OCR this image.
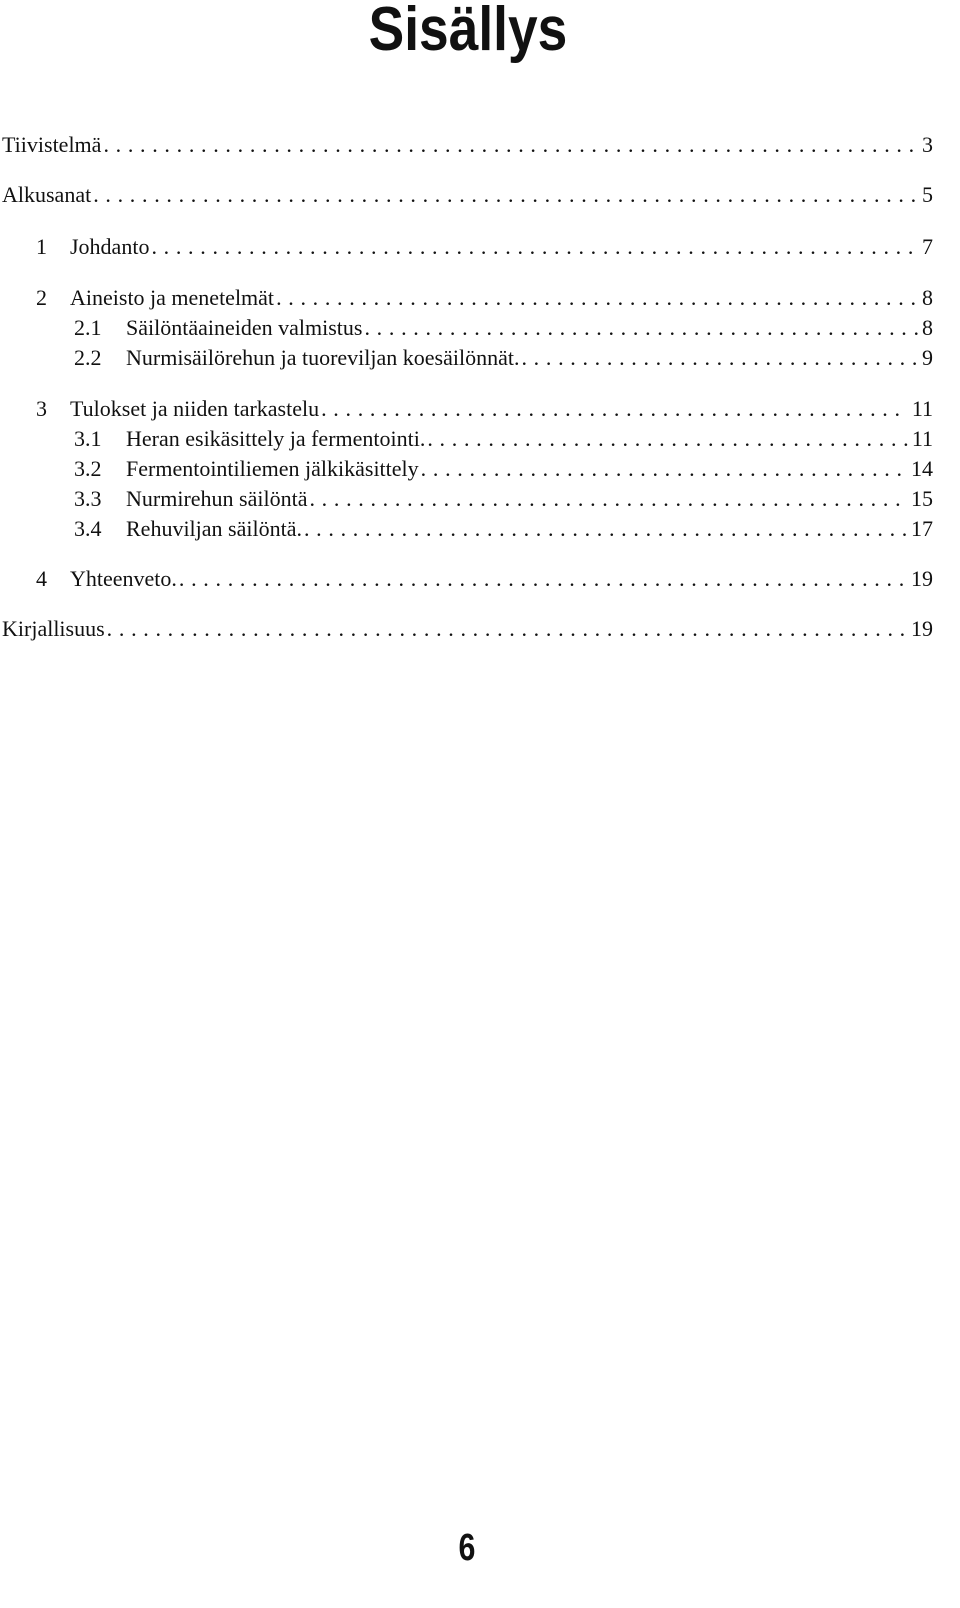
Sisällys
Tiivistelmä . . .	3
Alkusanat . . .	5
1	Johdanto . . .	7
2	Aineisto ja menetelmät . . .	8
2.1	Säilöntäaineiden valmistus . . .	8
2.2	Nurmisäilörehun ja tuoreviljan koesäilönnät. . . .	9
3	Tulokset ja niiden tarkastelu . . .	11
3.1	Heran esikäsittely ja fermentointi. . . .	11
3.2	Fermentointiliemen jälkikäsittely . . .	14
3.3	Nurmirehun säilöntä . . .	15
3.4	Rehuviljan säilöntä. . . .	17
4	Yhteenveto. . . .	19
Kirjallisuus . . .	19
6
